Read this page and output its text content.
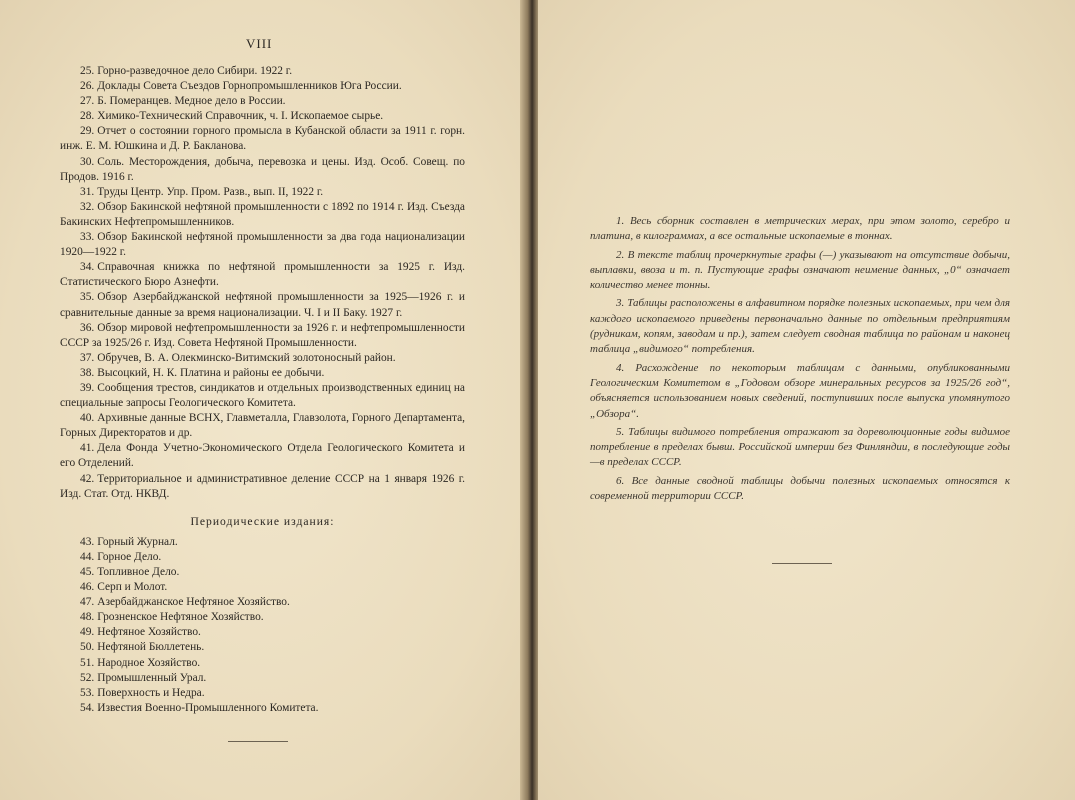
VIII
25. Горно-разведочное дело Сибири. 1922 г.
26. Доклады Совета Съездов Горнопромышленников Юга России.
27. Б. Померанцев. Медное дело в России.
28. Химико-Технический Справочник, ч. I. Ископаемое сырье.
29. Отчет о состоянии горного промысла в Кубанской области за 1911 г. горн. инж. Е. М. Юшкина и Д. Р. Бакланова.
30. Соль. Месторождения, добыча, перевозка и цены. Изд. Особ. Совещ. по Продов. 1916 г.
31. Труды Центр. Упр. Пром. Разв., вып. II, 1922 г.
32. Обзор Бакинской нефтяной промышленности с 1892 по 1914 г. Изд. Съезда Бакинских Нефтепромышленников.
33. Обзор Бакинской нефтяной промышленности за два года национализации 1920—1922 г.
34. Справочная книжка по нефтяной промышленности за 1925 г. Изд. Статистического Бюро Азнефти.
35. Обзор Азербайджанской нефтяной промышленности за 1925—1926 г. и сравнительные данные за время национализации. Ч. I и II Баку. 1927 г.
36. Обзор мировой нефтепромышленности за 1926 г. и нефтепромышленности СССР за 1925/26 г. Изд. Совета Нефтяной Промышленности.
37. Обручев, В. А. Олекминско-Витимский золотоносный район.
38. Высоцкий, Н. К. Платина и районы ее добычи.
39. Сообщения трестов, синдикатов и отдельных производственных единиц на специальные запросы Геологического Комитета.
40. Архивные данные ВСНХ, Главметалла, Главзолота, Горного Департамента, Горных Директоратов и др.
41. Дела Фонда Учетно-Экономического Отдела Геологического Комитета и его Отделений.
42. Территориальное и административное деление СССР на 1 января 1926 г. Изд. Стат. Отд. НКВД.
Периодические издания:
43. Горный Журнал.
44. Горное Дело.
45. Топливное Дело.
46. Серп и Молот.
47. Азербайджанское Нефтяное Хозяйство.
48. Грозненское Нефтяное Хозяйство.
49. Нефтяное Хозяйство.
50. Нефтяной Бюллетень.
51. Народное Хозяйство.
52. Промышленный Урал.
53. Поверхность и Недра.
54. Известия Военно-Промышленного Комитета.
1. Весь сборник составлен в метрических мерах, при этом золото, серебро и платина, в килограммах, а все остальные ископаемые в тоннах.
2. В тексте таблиц прочеркнутые графы (—) указывают на отсутствие добычи, выплавки, ввоза и т. п. Пустующие графы означают неимение данных, „0“ означает количество менее тонны.
3. Таблицы расположены в алфавитном порядке полезных ископаемых, при чем для каждого ископаемого приведены первоначально данные по отдельным предприятиям (рудникам, копям, заводам и пр.), затем следует сводная таблица по районам и наконец таблица „видимого“ потребления.
4. Расхождение по некоторым таблицам с данными, опубликованными Геологическим Комитетом в „Годовом обзоре минеральных ресурсов за 1925/26 год“, объясняется использованием новых сведений, поступивших после выпуска упомянутого „Обзора“.
5. Таблицы видимого потребления отражают за дореволюционные годы видимое потребление в пределах бывш. Российской империи без Финляндии, в последующие годы—в пределах СССР.
6. Все данные сводной таблицы добычи полезных ископаемых относятся к современной территории СССР.
